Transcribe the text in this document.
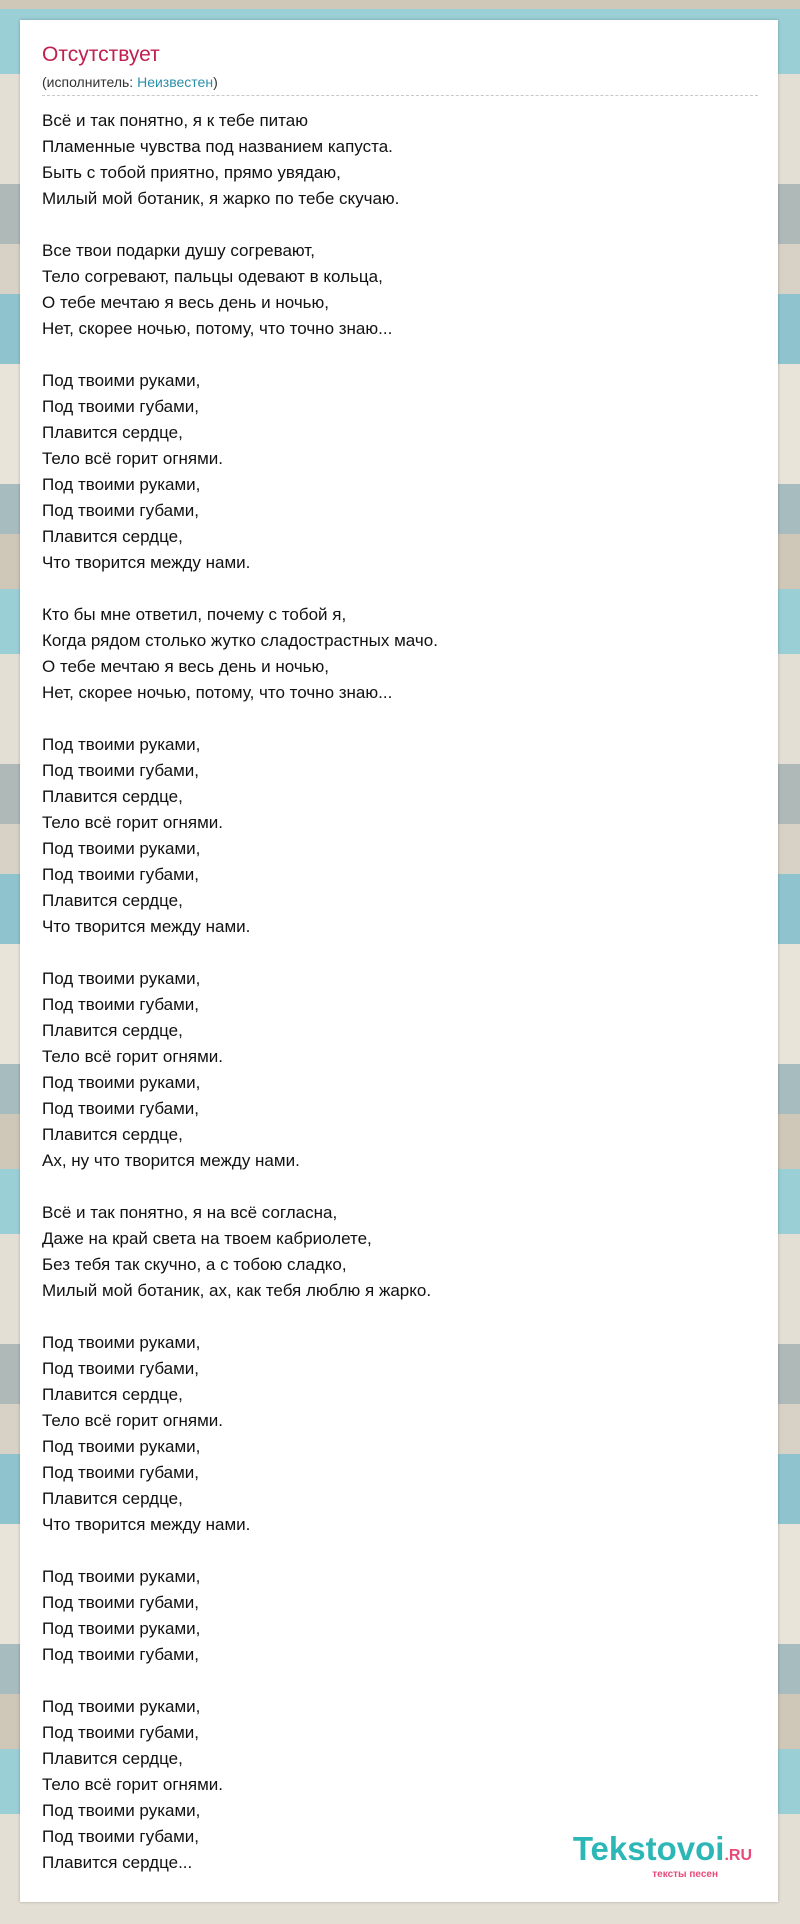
Отсутствует
(исполнитель: Неизвестен)
Всё и так понятно, я к тебе питаю
Пламенные чувства под названием капуста.
Быть с тобой приятно, прямо увядаю,
Милый мой ботаник, я жарко по тебе скучаю.
Все твои подарки душу согревают,
Тело согревают, пальцы одевают в кольца,
О тебе мечтаю я весь день и ночью,
Нет, скорее ночью, потому, что точно знаю...
Под твоими руками,
Под твоими губами,
Плавится сердце,
Тело всё горит огнями.
Под твоими руками,
Под твоими губами,
Плавится сердце,
Что творится между нами.
Кто бы мне ответил, почему с тобой я,
Когда рядом столько жутко сладострастных мачо.
О тебе мечтаю я весь день и ночью,
Нет, скорее ночью, потому, что точно знаю...
Под твоими руками,
Под твоими губами,
Плавится сердце,
Тело всё горит огнями.
Под твоими руками,
Под твоими губами,
Плавится сердце,
Что творится между нами.
Под твоими руками,
Под твоими губами,
Плавится сердце,
Тело всё горит огнями.
Под твоими руками,
Под твоими губами,
Плавится сердце,
Ах, ну что творится между нами.
Всё и так понятно, я на всё согласна,
Даже на край света на твоем кабриолете,
Без тебя так скучно, а с тобою сладко,
Милый мой ботаник, ах, как тебя люблю я жарко.
Под твоими руками,
Под твоими губами,
Плавится сердце,
Тело всё горит огнями.
Под твоими руками,
Под твоими губами,
Плавится сердце,
Что творится между нами.
Под твоими руками,
Под твоими губами,
Под твоими руками,
Под твоими губами,
Под твоими руками,
Под твоими губами,
Плавится сердце,
Тело всё горит огнями.
Под твоими руками,
Под твоими губами,
Плавится сердце...	Tekstovoi.RU
тексты песен
